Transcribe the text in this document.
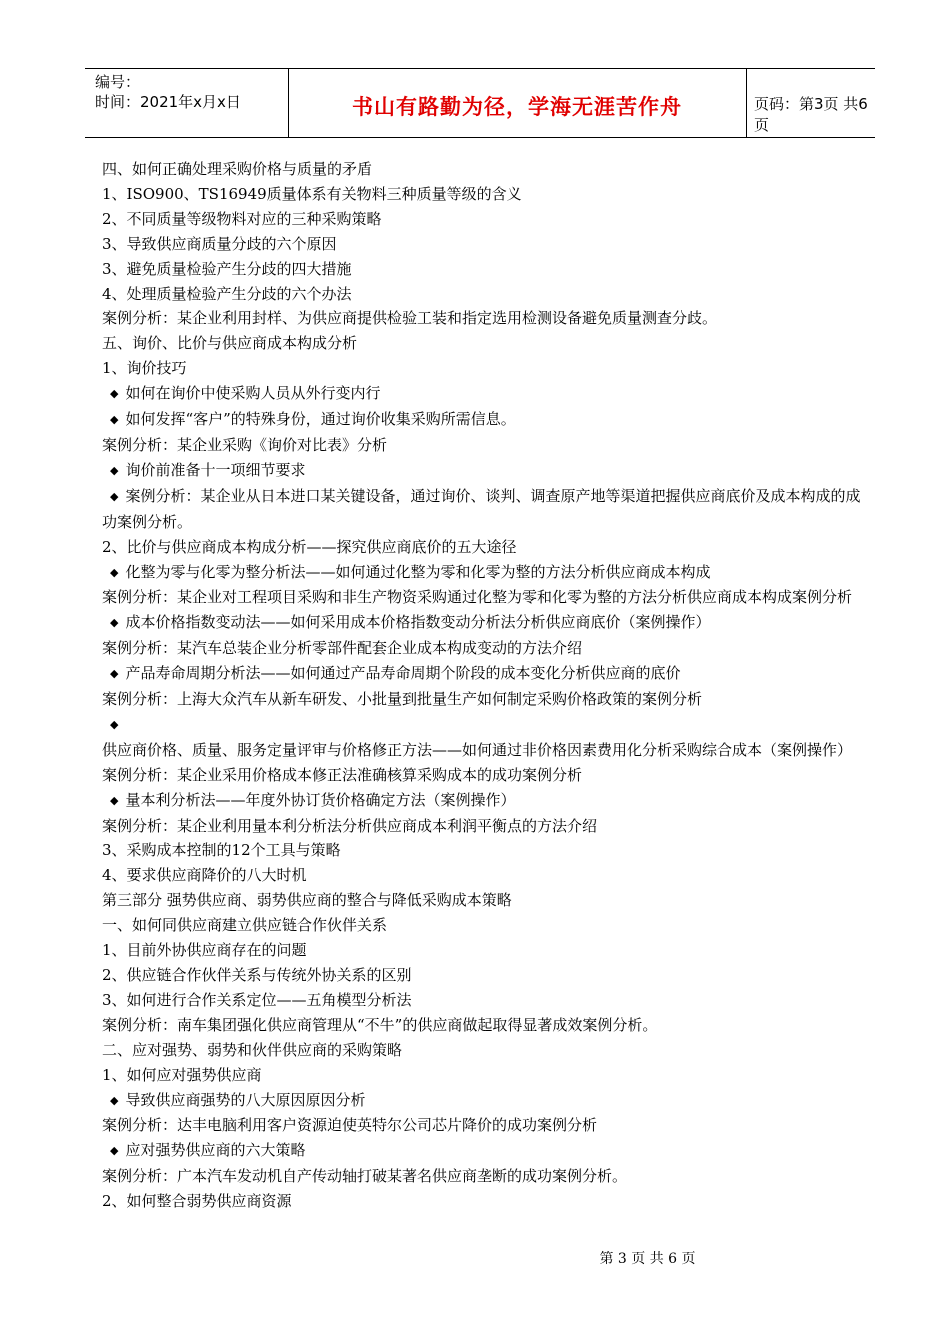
编号：
时间：2021年x月x日	书山有路勤为径，学海无涯苦作舟	页码：第3页 共6页
四、如何正确处理采购价格与质量的矛盾
1、ISO900、TS16949质量体系有关物料三种质量等级的含义
2、不同质量等级物料对应的三种采购策略
3、导致供应商质量分歧的六个原因
3、避免质量检验产生分歧的四大措施
4、处理质量检验产生分歧的六个办法
案例分析：某企业利用封样、为供应商提供检验工装和指定选用检测设备避免质量测查分歧。
五、询价、比价与供应商成本构成分析
1、询价技巧
◆ 如何在询价中使采购人员从外行变内行
◆ 如何发挥“客户”的特殊身份，通过询价收集采购所需信息。
案例分析：某企业采购《询价对比表》分析
◆ 询价前准备十一项细节要求
◆ 案例分析：某企业从日本进口某关键设备，通过询价、谈判、调查原产地等渠道把握供应商底价及成本构成的成功案例分析。
2、比价与供应商成本构成分析——探究供应商底价的五大途径
◆ 化整为零与化零为整分析法——如何通过化整为零和化零为整的方法分析供应商成本构成
案例分析：某企业对工程项目采购和非生产物资采购通过化整为零和化零为整的方法分析供应商成本构成案例分析
◆ 成本价格指数变动法——如何采用成本价格指数变动分析法分析供应商底价（案例操作）
案例分析：某汽车总装企业分析零部件配套企业成本构成变动的方法介绍
◆ 产品寿命周期分析法——如何通过产品寿命周期个阶段的成本变化分析供应商的底价
案例分析：上海大众汽车从新车研发、小批量到批量生产如何制定采购价格政策的案例分析
◆供应商价格、质量、服务定量评审与价格修正方法——如何通过非价格因素费用化分析采购综合成本（案例操作）
案例分析：某企业采用价格成本修正法准确核算采购成本的成功案例分析
◆ 量本利分析法——年度外协订货价格确定方法（案例操作）
案例分析：某企业利用量本利分析法分析供应商成本利润平衡点的方法介绍
3、采购成本控制的12个工具与策略
4、要求供应商降价的八大时机
第三部分 强势供应商、弱势供应商的整合与降低采购成本策略
一、如何同供应商建立供应链合作伙伴关系
1、目前外协供应商存在的问题
2、供应链合作伙伴关系与传统外协关系的区别
3、如何进行合作关系定位——五角模型分析法
案例分析：南车集团强化供应商管理从“不牛”的供应商做起取得显著成效案例分析。
二、应对强势、弱势和伙伴供应商的采购策略
1、如何应对强势供应商
◆ 导致供应商强势的八大原因原因分析
案例分析：达丰电脑利用客户资源迫使英特尔公司芯片降价的成功案例分析
◆ 应对强势供应商的六大策略
案例分析：广本汽车发动机自产传动轴打破某著名供应商垄断的成功案例分析。
2、如何整合弱势供应商资源
第 3 页 共 6 页
